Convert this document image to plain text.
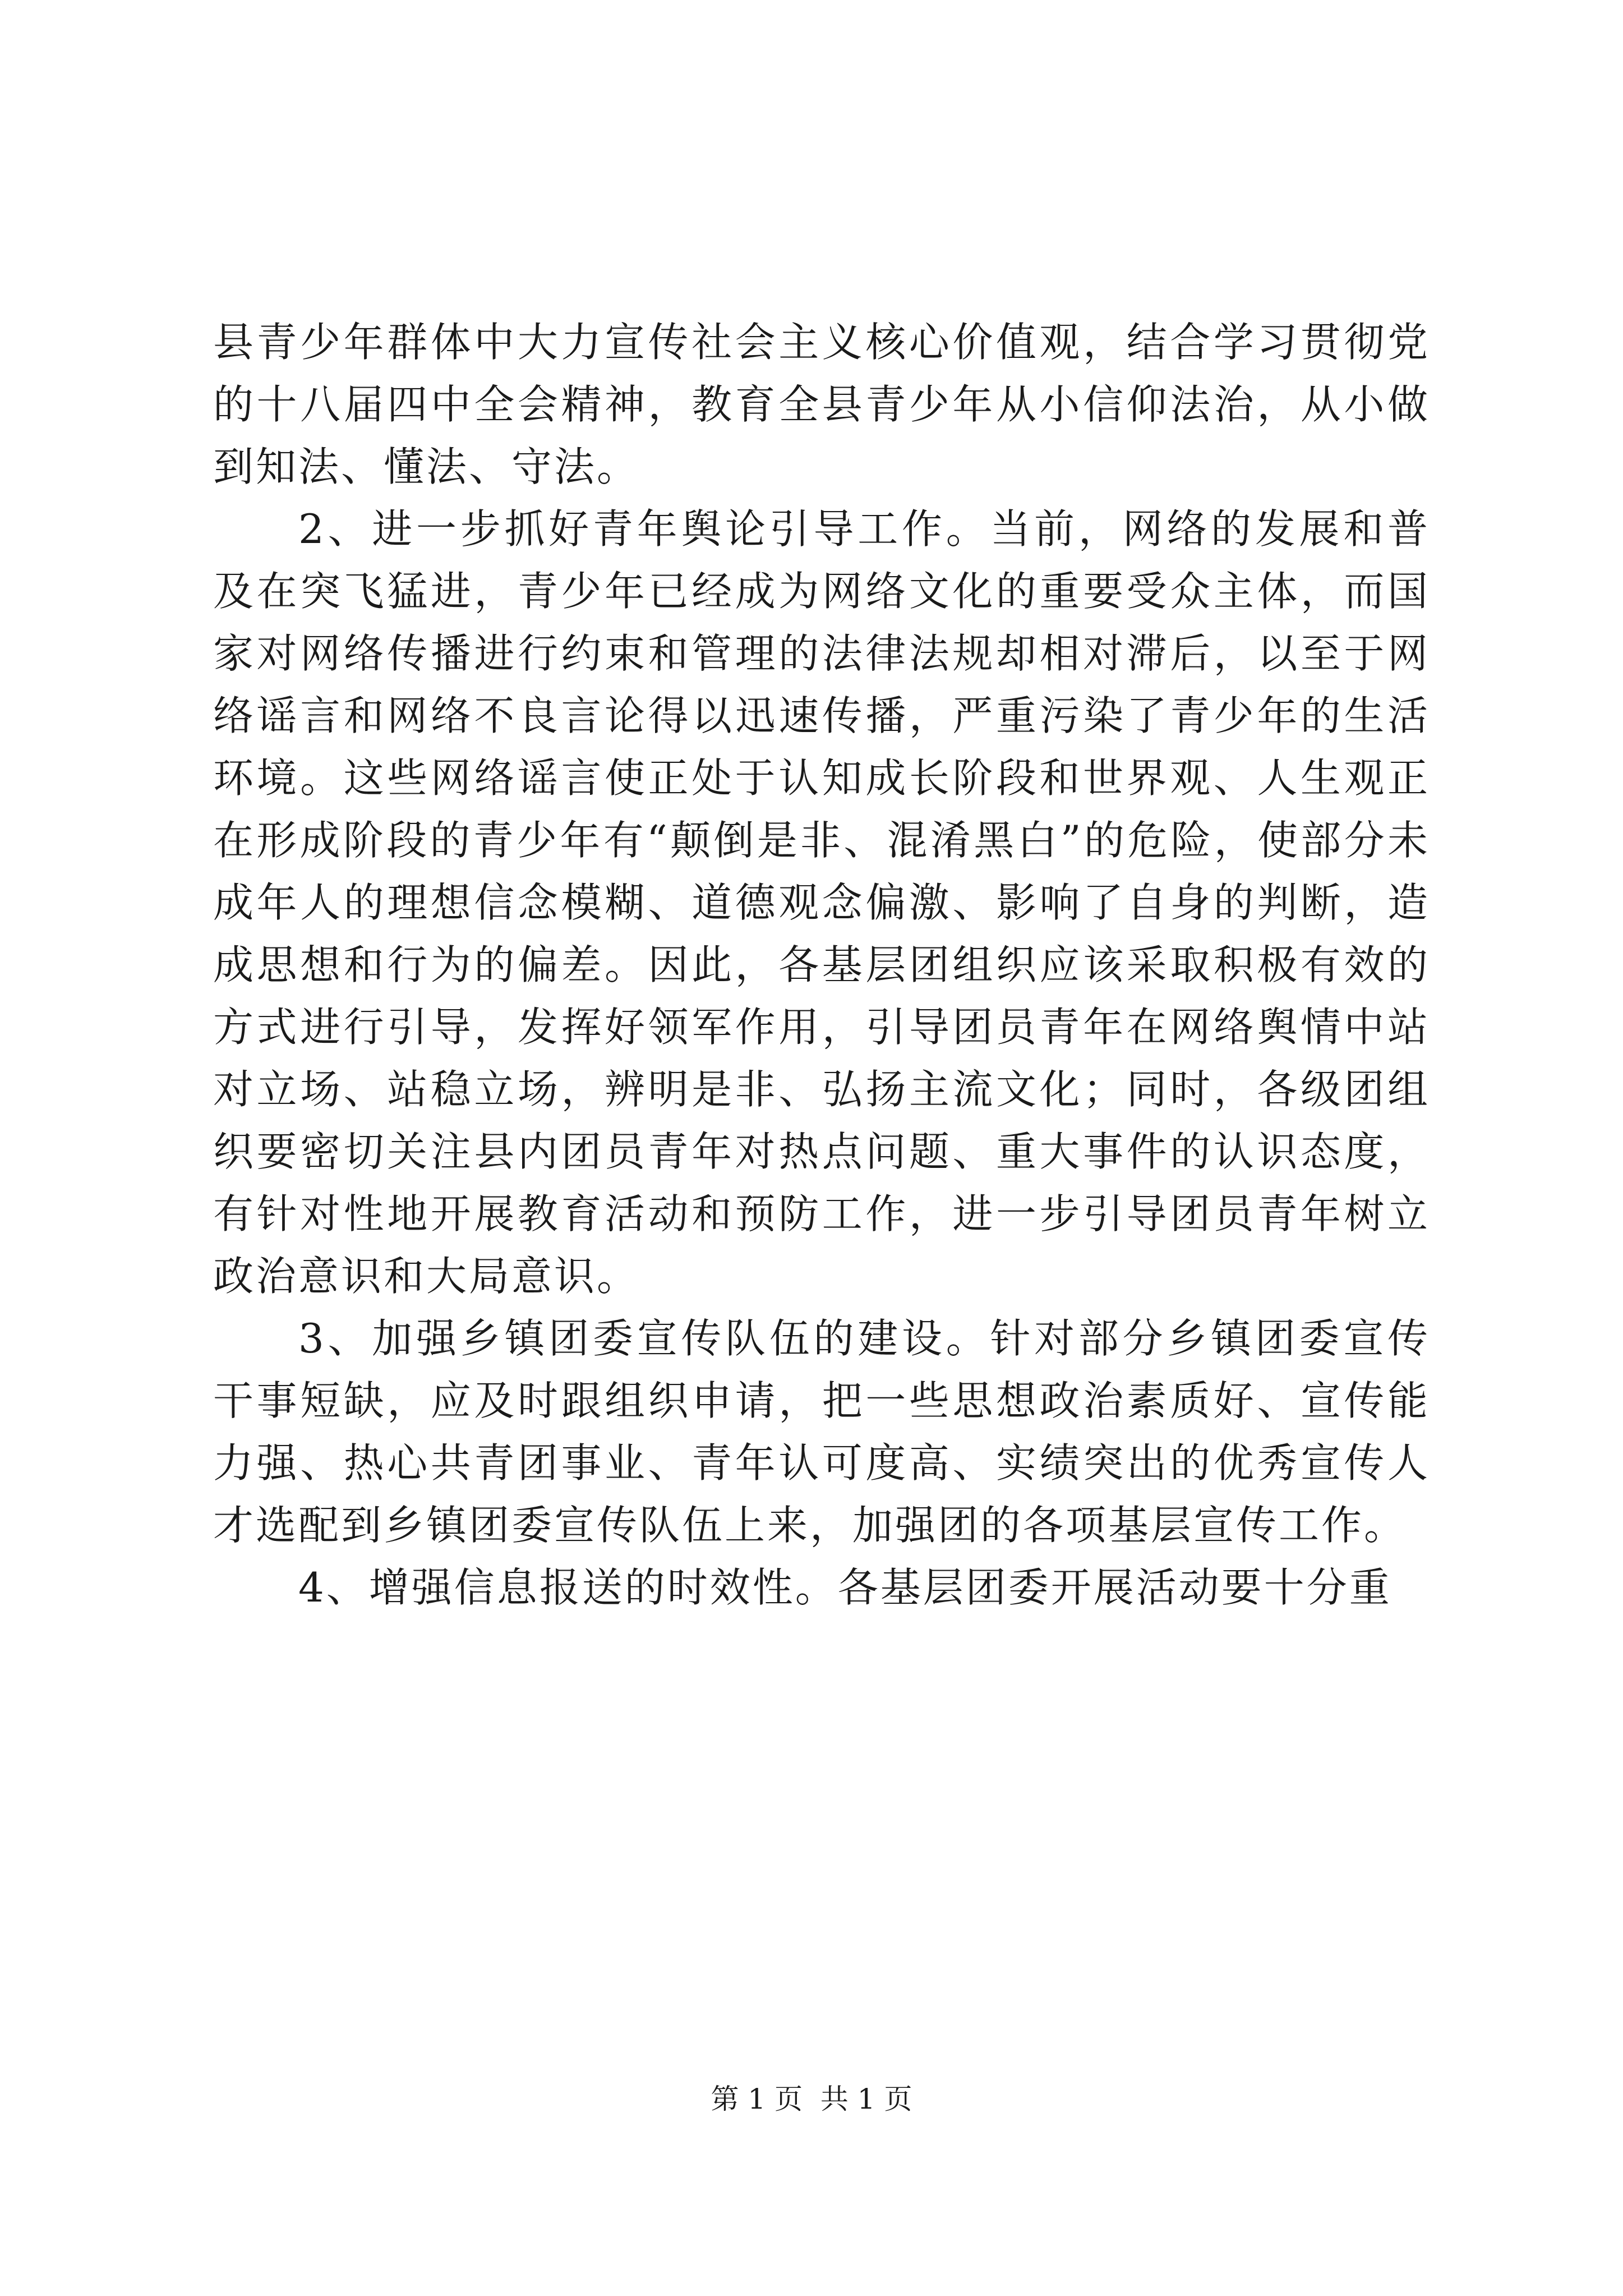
县青少年群体中大力宣传社会主义核心价值观，结合学习贯彻党的十八届四中全会精神，教育全县青少年从小信仰法治，从小做到知法、懂法、守法。

2、进一步抓好青年舆论引导工作。当前，网络的发展和普及在突飞猛进，青少年已经成为网络文化的重要受众主体，而国家对网络传播进行约束和管理的法律法规却相对滞后，以至于网络谣言和网络不良言论得以迅速传播，严重污染了青少年的生活环境。这些网络谣言使正处于认知成长阶段和世界观、人生观正在形成阶段的青少年有“颠倒是非、混淆黑白”的危险，使部分未成年人的理想信念模糊、道德观念偏激、影响了自身的判断，造成思想和行为的偏差。因此，各基层团组织应该采取积极有效的方式进行引导，发挥好领军作用，引导团员青年在网络舆情中站对立场、站稳立场，辨明是非、弘扬主流文化；同时，各级团组织要密切关注县内团员青年对热点问题、重大事件的认识态度，有针对性地开展教育活动和预防工作，进一步引导团员青年树立政治意识和大局意识。

3、加强乡镇团委宣传队伍的建设。针对部分乡镇团委宣传干事短缺，应及时跟组织申请，把一些思想政治素质好、宣传能力强、热心共青团事业、青年认可度高、实绩突出的优秀宣传人才选配到乡镇团委宣传队伍上来，加强团的各项基层宣传工作。

4、增强信息报送的时效性。各基层团委开展活动要十分重

第 1 页  共 1 页
